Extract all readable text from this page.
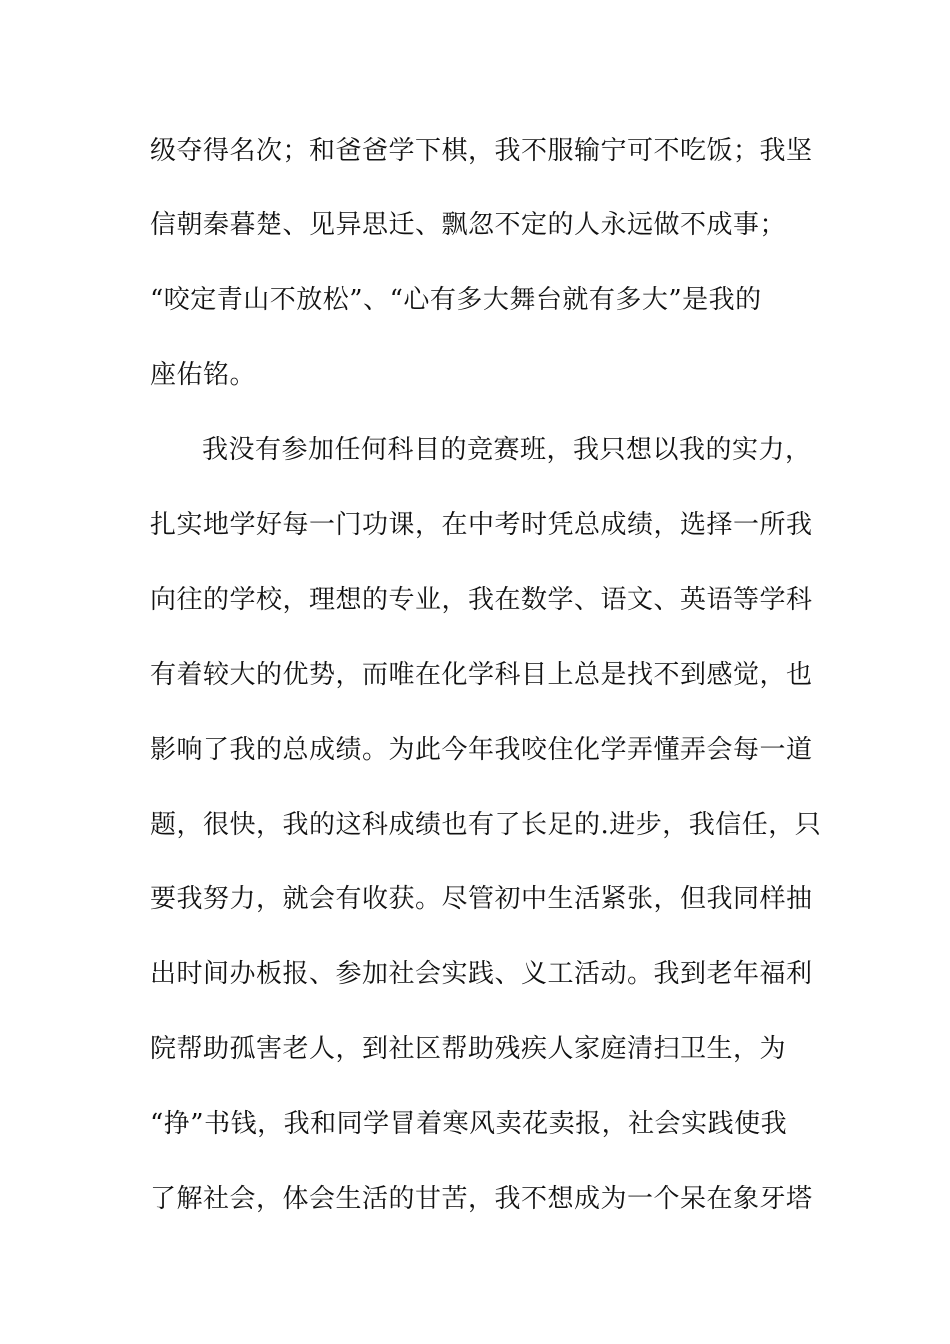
级夺得名次；和爸爸学下棋，我不服输宁可不吃饭；我坚
信朝秦暮楚、见异思迁、飘忽不定的人永远做不成事；
“咬定青山不放松”、“心有多大舞台就有多大”是我的
座佑铭。
我没有参加任何科目的竞赛班，我只想以我的实力，
扎实地学好每一门功课，在中考时凭总成绩，选择一所我
向往的学校，理想的专业，我在数学、语文、英语等学科
有着较大的优势，而唯在化学科目上总是找不到感觉，也
影响了我的总成绩。为此今年我咬住化学弄懂弄会每一道
题，很快，我的这科成绩也有了长足的.进步，我信任，只
要我努力，就会有收获。尽管初中生活紧张，但我同样抽
出时间办板报、参加社会实践、义工活动。我到老年福利
院帮助孤害老人，到社区帮助残疾人家庭清扫卫生，为
“挣”书钱，我和同学冒着寒风卖花卖报，社会实践使我
了解社会，体会生活的甘苦，我不想成为一个呆在象牙塔
